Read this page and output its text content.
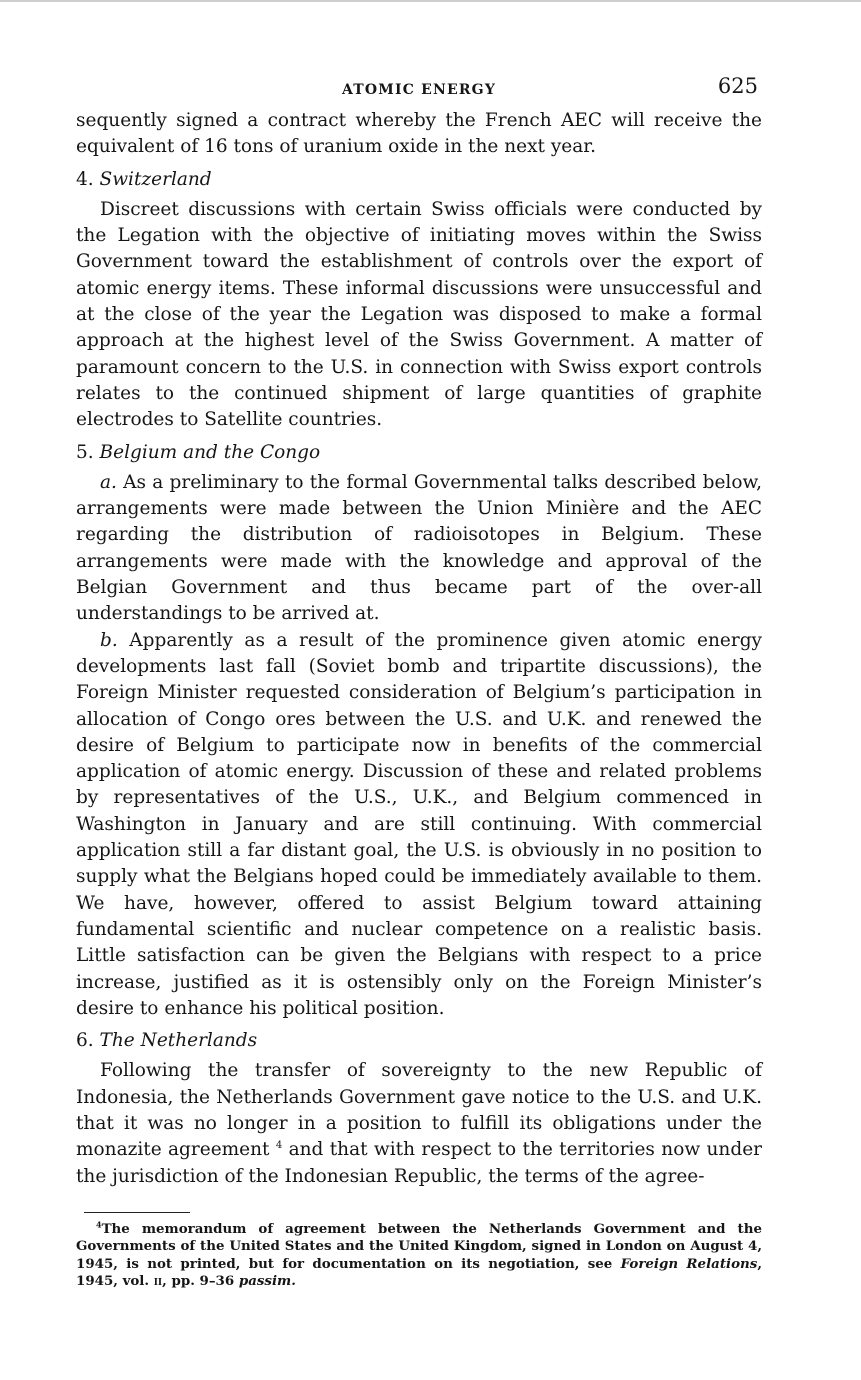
ATOMIC ENERGY	625

sequently signed a contract whereby the French AEC will receive the equivalent of 16 tons of uranium oxide in the next year.

4. Switzerland

Discreet discussions with certain Swiss officials were conducted by the Legation with the objective of initiating moves within the Swiss Government toward the establishment of controls over the export of atomic energy items. These informal discussions were unsuccessful and at the close of the year the Legation was disposed to make a formal approach at the highest level of the Swiss Government. A matter of paramount concern to the U.S. in connection with Swiss export controls relates to the continued shipment of large quantities of graphite electrodes to Satellite countries.

5. Belgium and the Congo

a. As a preliminary to the formal Governmental talks described below, arrangements were made between the Union Minière and the AEC regarding the distribution of radioisotopes in Belgium. These arrangements were made with the knowledge and approval of the Belgian Government and thus became part of the over-all understandings to be arrived at.

b. Apparently as a result of the prominence given atomic energy developments last fall (Soviet bomb and tripartite discussions), the Foreign Minister requested consideration of Belgium’s participation in allocation of Congo ores between the U.S. and U.K. and renewed the desire of Belgium to participate now in benefits of the commercial application of atomic energy. Discussion of these and related problems by representatives of the U.S., U.K., and Belgium commenced in Washington in January and are still continuing. With commercial application still a far distant goal, the U.S. is obviously in no position to supply what the Belgians hoped could be immediately available to them. We have, however, offered to assist Belgium toward attaining fundamental scientific and nuclear competence on a realistic basis. Little satisfaction can be given the Belgians with respect to a price increase, justified as it is ostensibly only on the Foreign Minister’s desire to enhance his political position.

6. The Netherlands

Following the transfer of sovereignty to the new Republic of Indonesia, the Netherlands Government gave notice to the U.S. and U.K. that it was no longer in a position to fulfill its obligations under the monazite agreement $^4$ and that with respect to the territories now under the jurisdiction of the Indonesian Republic, the terms of the agree-

$^4$The memorandum of agreement between the Netherlands Government and the Governments of the United States and the United Kingdom, signed in London on August 4, 1945, is not printed, but for documentation on its negotiation, see Foreign Relations, 1945, vol. ii, pp. 9–36 passim.
